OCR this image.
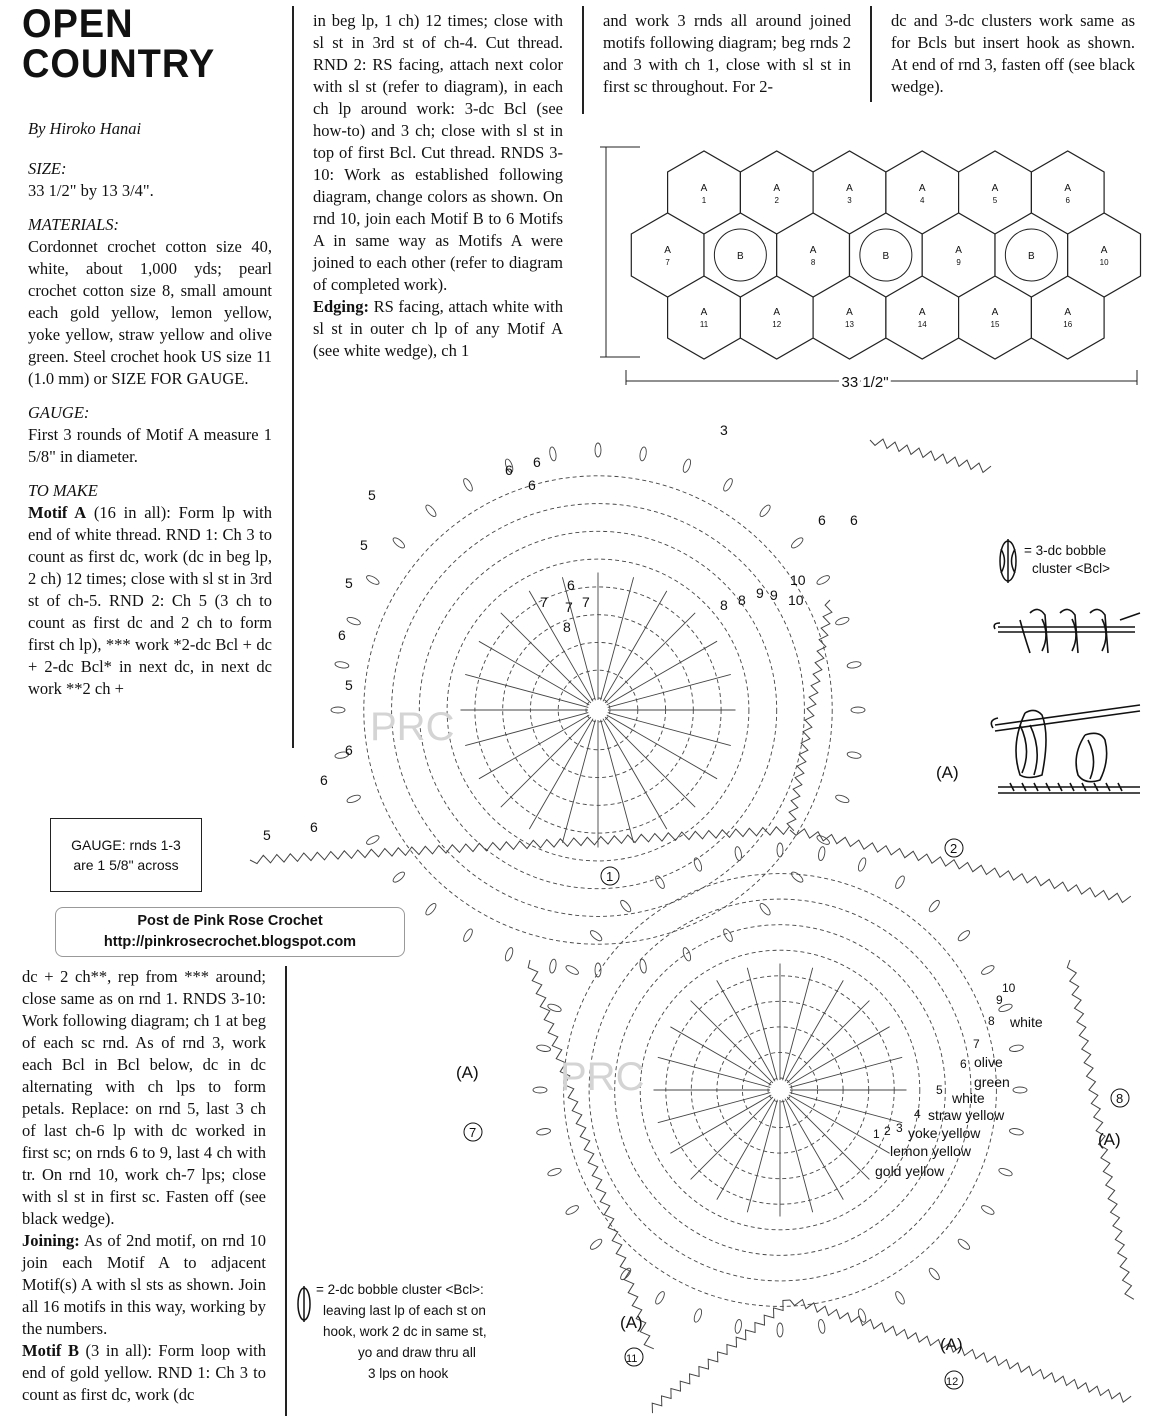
OPEN
COUNTRY

By Hiroko Hanai

SIZE:

33 1/2" by 13 3/4".

MATERIALS:

Cordonnet crochet cotton size 40, white, about 1,000 yds; pearl crochet cotton size 8, small amount each gold yellow, lemon yellow, yoke yellow, straw yellow and olive green. Steel crochet hook US size 11 (1.0 mm) or SIZE FOR GAUGE.

GAUGE:

First 3 rounds of Motif A measure 1 5/8" in diameter.

TO MAKE

Motif A (16 in all): Form lp with end of white thread. RND 1: Ch 3 to count as first dc, work (dc in beg lp, 2 ch) 12 times; close with sl st in 3rd st of ch-5. RND 2: Ch 5 (3 ch to count as first dc and 2 ch to form first ch lp), *** work *2-dc Bcl + dc + 2-dc Bcl* in next dc, in next dc work **2 ch +

in beg lp, 1 ch) 12 times; close with sl st in 3rd st of ch-4. Cut thread. RND 2: RS facing, attach next color with sl st (refer to diagram), in each ch lp around work: 3-dc Bcl (see how-to) and 3 ch; close with sl st in top of first Bcl. Cut thread. RNDS 3-10: Work as established following diagram, change colors as shown. On rnd 10, join each Motif B to 6 Motifs A in same way as Motifs A were joined to each other (refer to diagram of completed work).

Edging: RS facing, attach white with sl st in outer ch lp of any Motif A (see white wedge), ch 1

and work 3 rnds all around joined motifs following diagram; beg rnds 2 and 3 with ch 1, close with sl st in first sc throughout. For 2-

dc and 3-dc clusters work same as for Bcls but insert hook as shown. At end of rnd 3, fasten off (see black wedge).

dc + 2 ch**, rep from *** around; close same as on rnd 1. RNDS 3-10: Work following diagram; ch 1 at beg of each sc rnd. As of rnd 3, work each Bcl in Bcl below, dc in dc alternating with ch lps to form petals. Replace: on rnd 5, last 3 ch of last ch-6 lp with dc worked in first sc; on rnds 6 to 9, last 4 ch with tr. On rnd 10, work ch-7 lps; close with sl st in first sc. Fasten off (see black wedge).

Joining: As of 2nd motif, on rnd 10 join each Motif A to adjacent Motif(s) A with sl sts as shown. Join all 16 motifs in this way, working by the numbers.

Motif B (3 in all): Form loop with end of gold yellow. RND 1: Ch 3 to count as first dc, work (dc

GAUGE: rnds 1-3
are 1 5/8" across
Post de Pink Rose Crochet
http://pinkrosecrochet.blogspot.com
A
1
A
2
A
3
A
4
A
5
A
6
A
11
A
12
A
13
A
14
A
15
A
16
A
7
B
A
8
B
A
9
B
A
10
13 3/4"
33 1/2"
= 3-dc bobble
cluster <Bcl>
= 2-dc bobble cluster <Bcl>:
leaving last lp of each st on
hook, work 2 dc in same st,
yo and draw thru all
3 lps on hook
PRC
PRC
(A)
(A)
(A)
(A)
(A)
1
2
7
8
11
12
5
6 6
6
5
5
6
5	6
6 6
6
5
6
6
7 7 7
8
8
8
9 9 10
10
3
10
9
8
7
6
5
4
3
2
1
white
olive
green
white
straw yellow
yoke yellow
lemon yellow
gold yellow
